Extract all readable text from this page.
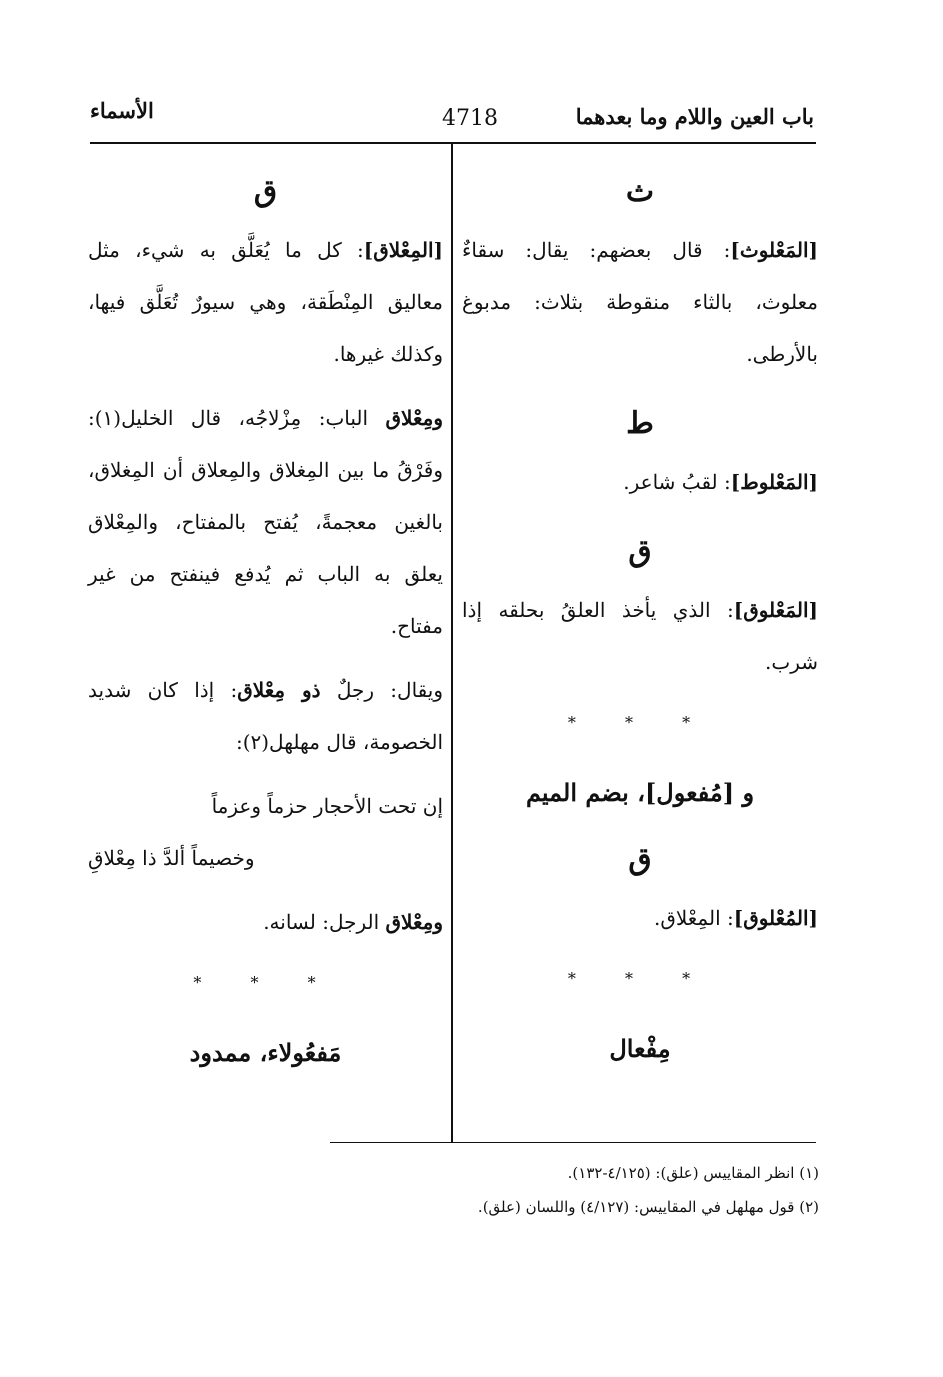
باب العين واللام وما بعدهما
4718
الأسماء
ث

[المَعْلوث]: قال بعضهم: يقال: سقاءٌ معلوث، بالثاء منقوطة بثلاث: مدبوغ بالأرطى.

ط

[المَعْلوط]: لقبُ شاعر.

ق

[المَعْلوق]: الذي يأخذ العلقُ بحلقه إذا شرب.

* * *
و [مُفعول]، بضم الميم
ق

[المُعْلوق]: المِعْلاق.

* * *
مِفْعال
ق

[المِعْلاق]: كل ما يُعَلَّق به شيء، مثل معاليق المِنْطَقة، وهي سيورٌ تُعَلَّق فيها، وكذلك غيرها.

ومِعْلاق الباب: مِزْلاجُه، قال الخليل(١): وفَرْقُ ما بين المِغلاق والمِعلاق أن المِغلاق، بالغين معجمةً، يُفتح بالمفتاح، والمِعْلاق يعلق به الباب ثم يُدفع فينفتح من غير مفتاح.

ويقال: رجلٌ ذو مِعْلاق: إذا كان شديد الخصومة، قال مهلهل(٢):

إن تحت الأحجار حزماً وعزماً

وخصيماً ألدَّ ذا مِعْلاقِ

ومِعْلاق الرجل: لسانه.

* * *
مَفعُولاء، ممدود

(١) انظر المقاييس (علق): (٤/١٢٥-١٣٢).

(٢) قول مهلهل في المقاييس: (٤/١٢٧) واللسان (علق).
